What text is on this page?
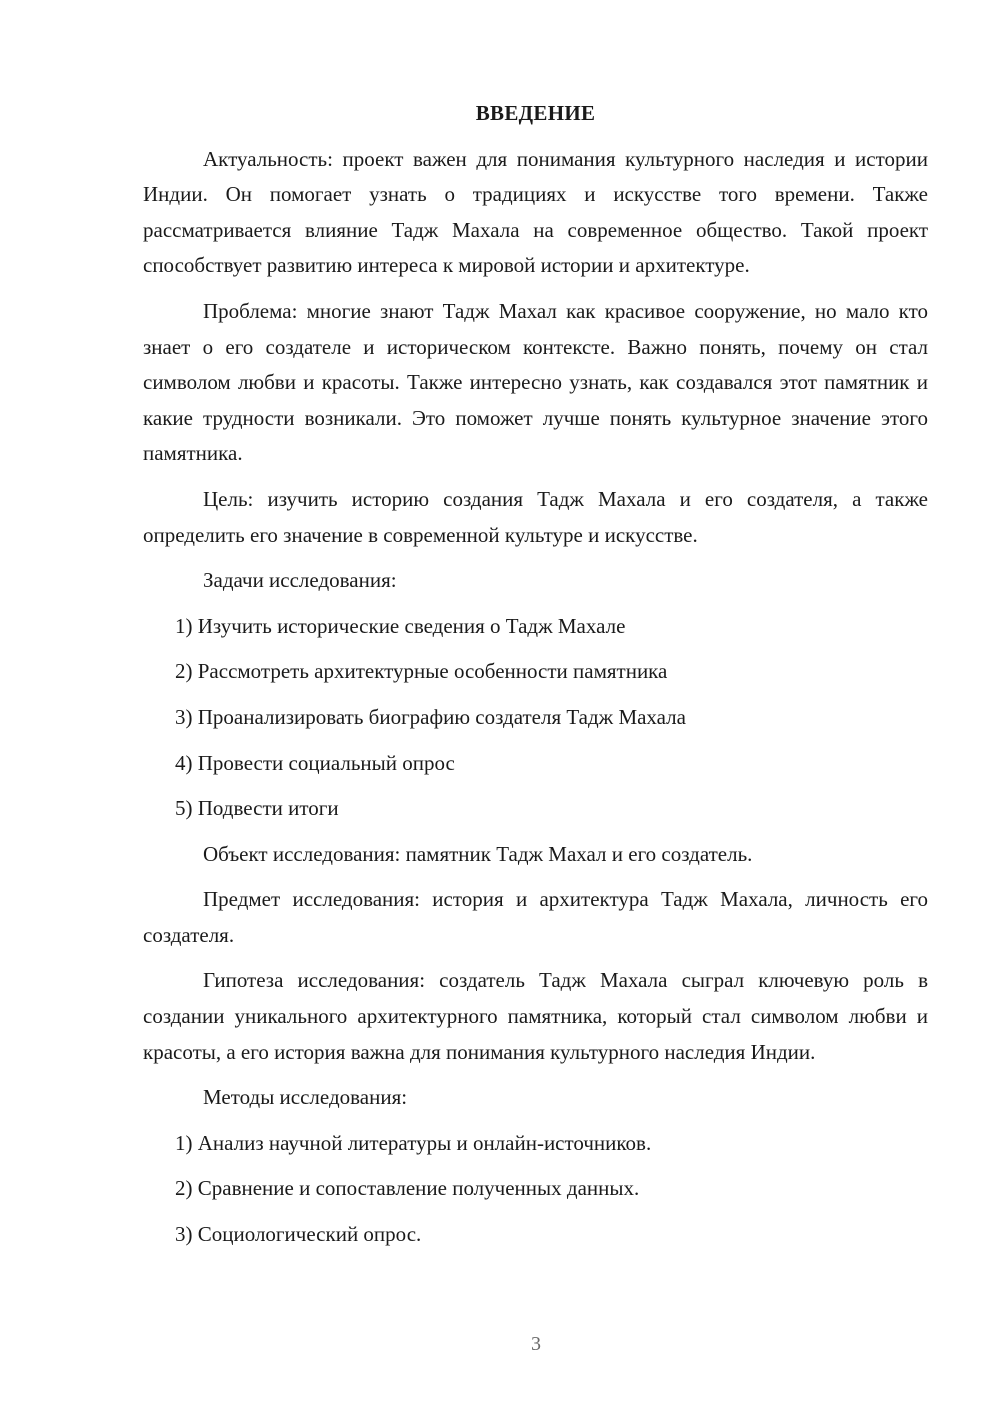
ВВЕДЕНИЕ

Актуальность: проект важен для понимания культурного наследия и истории Индии. Он помогает узнать о традициях и искусстве того времени. Также рассматривается влияние Тадж Махала на современное общество. Такой проект способствует развитию интереса к мировой истории и архитектуре.

Проблема: многие знают Тадж Махал как красивое сооружение, но мало кто знает о его создателе и историческом контексте. Важно понять, почему он стал символом любви и красоты. Также интересно узнать, как создавался этот памятник и какие трудности возникали. Это поможет лучше понять культурное значение этого памятника.

Цель: изучить историю создания Тадж Махала и его создателя, а также определить его значение в современной культуре и искусстве.

Задачи исследования:

1) Изучить исторические сведения о Тадж Махале

2) Рассмотреть архитектурные особенности памятника

3) Проанализировать биографию создателя Тадж Махала

4) Провести социальный опрос

5) Подвести итоги

Объект исследования: памятник Тадж Махал и его создатель.

Предмет исследования: история и архитектура Тадж Махала, личность его создателя.

Гипотеза исследования: создатель Тадж Махала сыграл ключевую роль в создании уникального архитектурного памятника, который стал символом любви и красоты, а его история важна для понимания культурного наследия Индии.

Методы исследования:

1) Анализ научной литературы и онлайн-источников.

2) Сравнение и сопоставление полученных данных.

3) Социологический опрос.

3
